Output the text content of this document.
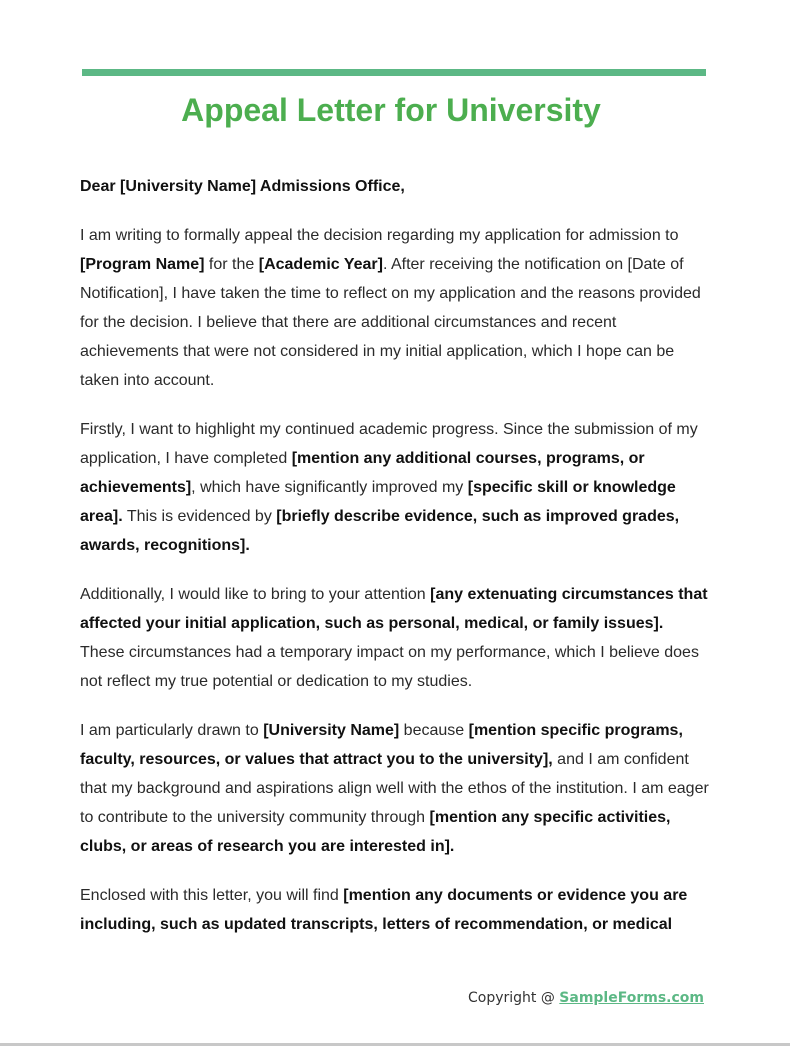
Appeal Letter for University

Dear [University Name] Admissions Office,

I am writing to formally appeal the decision regarding my application for admission to [Program Name] for the [Academic Year]. After receiving the notification on [Date of Notification], I have taken the time to reflect on my application and the reasons provided for the decision. I believe that there are additional circumstances and recent achievements that were not considered in my initial application, which I hope can be taken into account.

Firstly, I want to highlight my continued academic progress. Since the submission of my application, I have completed [mention any additional courses, programs, or achievements], which have significantly improved my [specific skill or knowledge area]. This is evidenced by [briefly describe evidence, such as improved grades, awards, recognitions].

Additionally, I would like to bring to your attention [any extenuating circumstances that affected your initial application, such as personal, medical, or family issues]. These circumstances had a temporary impact on my performance, which I believe does not reflect my true potential or dedication to my studies.

I am particularly drawn to [University Name] because [mention specific programs, faculty, resources, or values that attract you to the university], and I am confident that my background and aspirations align well with the ethos of the institution. I am eager to contribute to the university community through [mention any specific activities, clubs, or areas of research you are interested in].

Enclosed with this letter, you will find [mention any documents or evidence you are including, such as updated transcripts, letters of recommendation, or medical

Copyright @ SampleForms.com
